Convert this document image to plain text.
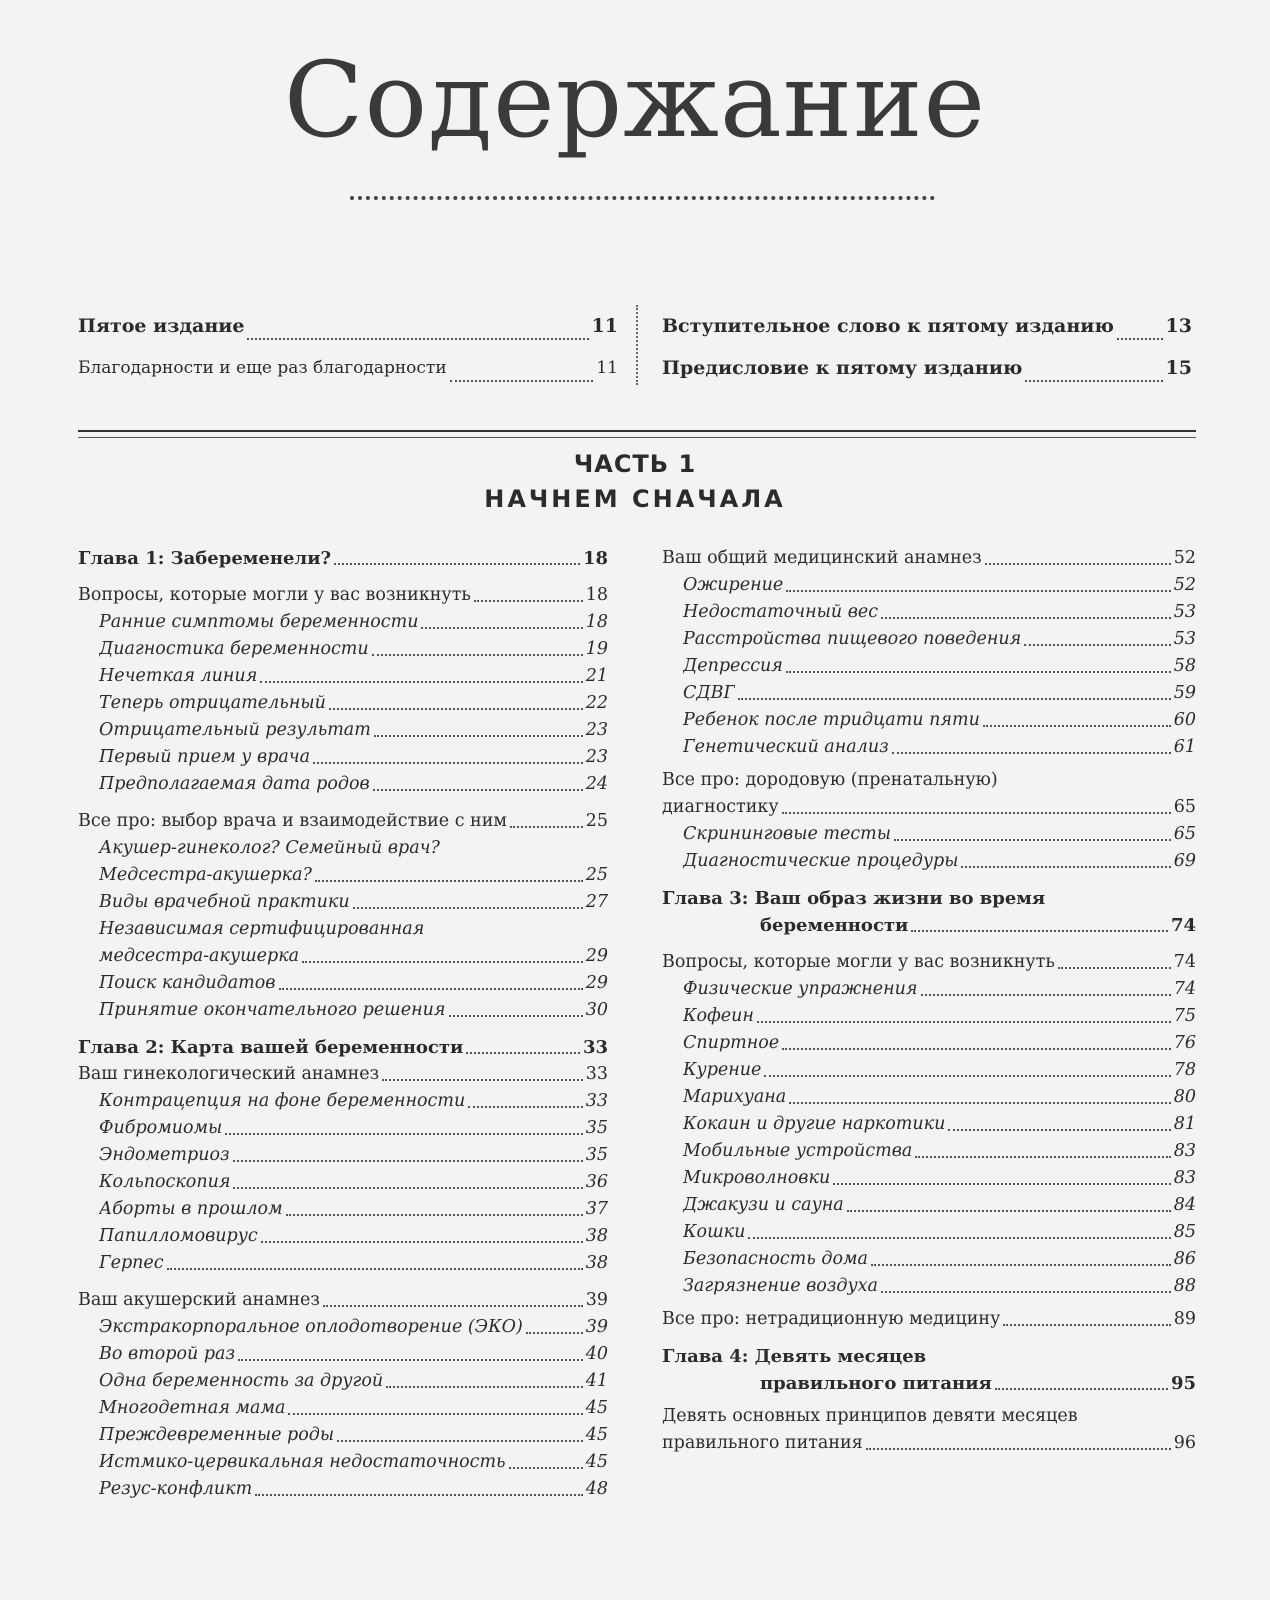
Содержание
Пятое издание	11
Благодарности и еще раз благодарности	11
Вступительное слово к пятому изданию	13
Предисловие к пятому изданию	15
ЧАСТЬ 1
НАЧНЕМ СНАЧАЛА
Глава 1: Забеременели?	18
Вопросы, которые могли у вас возникнуть	18
Ранние симптомы беременности	18
Диагностика беременности	19
Нечеткая линия	21
Теперь отрицательный	22
Отрицательный результат	23
Первый прием у врача	23
Предполагаемая дата родов	24
Все про: выбор врача и взаимодействие с ним	25
Акушер-гинеколог? Семейный врач?
Медсестра-акушерка?	25
Виды врачебной практики	27
Независимая сертифицированная
медсестра-акушерка	29
Поиск кандидатов	29
Принятие окончательного решения	30
Глава 2: Карта вашей беременности	33
Ваш гинекологический анамнез	33
Контрацепция на фоне беременности	33
Фибромиомы	35
Эндометриоз	35
Кольпоскопия	36
Аборты в прошлом	37
Папилломовирус	38
Герпес	38
Ваш акушерский анамнез	39
Экстракорпоральное оплодотворение (ЭКО)	39
Во второй раз	40
Одна беременность за другой	41
Многодетная мама	45
Преждевременные роды	45
Истмико-цервикальная недостаточность	45
Резус-конфликт	48
Ваш общий медицинский анамнез	52
Ожирение	52
Недостаточный вес	53
Расстройства пищевого поведения	53
Депрессия	58
СДВГ	59
Ребенок после тридцати пяти	60
Генетический анализ	61
Все про: дородовую (пренатальную)
диагностику	65
Скрининговые тесты	65
Диагностические процедуры	69
Глава 3: Ваш образ жизни во время
беременности	74
Вопросы, которые могли у вас возникнуть	74
Физические упражнения	74
Кофеин	75
Спиртное	76
Курение	78
Марихуана	80
Кокаин и другие наркотики	81
Мобильные устройства	83
Микроволновки	83
Джакузи и сауна	84
Кошки	85
Безопасность дома	86
Загрязнение воздуха	88
Все про: нетрадиционную медицину	89
Глава 4: Девять месяцев
правильного питания	95
Девять основных принципов девяти месяцев
правильного питания	96
